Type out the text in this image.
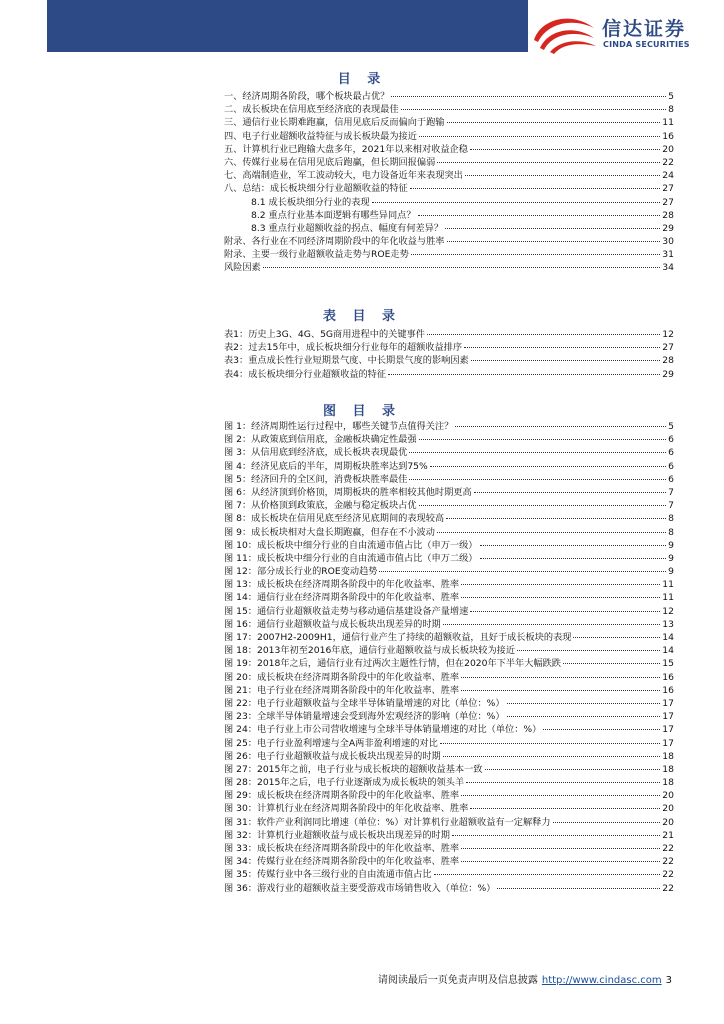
信达证券
CINDA SECURITIES
目 录
一、经济周期各阶段，哪个板块最占优？	5
二、成长板块在信用底至经济底的表现最佳	8
三、通信行业长期难跑赢，信用见底后反而偏向于跑输	11
四、电子行业超额收益特征与成长板块最为接近	16
五、计算机行业已跑输大盘多年，2021年以来相对收益企稳	20
六、传媒行业易在信用见底后跑赢，但长期回报偏弱	22
七、高端制造业，军工波动较大，电力设备近年来表现突出	24
八、总结：成长板块细分行业超额收益的特征	27
8.1 成长板块细分行业的表现	27
8.2 重点行业基本面逻辑有哪些异同点？	28
8.3 重点行业超额收益的拐点、幅度有何差异？	29
附录、各行业在不同经济周期阶段中的年化收益与胜率	30
附录、主要一级行业超额收益走势与ROE走势	31
风险因素	34
表 目 录
表1：历史上3G、4G、5G商用进程中的关键事件	12
表2：过去15年中，成长板块细分行业每年的超额收益排序	27
表3：重点成长性行业短期景气度、中长期景气度的影响因素	28
表4：成长板块细分行业超额收益的特征	29
图 目 录
图 1：经济周期性运行过程中，哪些关键节点值得关注？	5
图 2：从政策底到信用底，金融板块确定性最强	6
图 3：从信用底到经济底，成长板块表现最优	6
图 4：经济见底后的半年，周期板块胜率达到75%	6
图 5：经济回升的全区间，消费板块胜率最佳	6
图 6：从经济顶到价格顶，周期板块的胜率相较其他时期更高	7
图 7：从价格顶到政策底，金融与稳定板块占优	7
图 8：成长板块在信用见底至经济见底期间的表现较高	8
图 9：成长板块相对大盘长期跑赢，但存在不小波动	8
图 10：成长板块中细分行业的自由流通市值占比（申万一级）	9
图 11：成长板块中细分行业的自由流通市值占比（申万二级）	9
图 12：部分成长行业的ROE变动趋势	9
图 13：成长板块在经济周期各阶段中的年化收益率、胜率	11
图 14：通信行业在经济周期各阶段中的年化收益率、胜率	11
图 15：通信行业超额收益走势与移动通信基建设备产量增速	12
图 16：通信行业超额收益与成长板块出现差异的时期	13
图 17：2007H2-2009H1，通信行业产生了持续的超额收益，且好于成长板块的表现	14
图 18：2013年初至2016年底，通信行业超额收益与成长板块较为接近	14
图 19：2018年之后，通信行业有过两次主题性行情，但在2020年下半年大幅跌跌	15
图 20：成长板块在经济周期各阶段中的年化收益率、胜率	16
图 21：电子行业在经济周期各阶段中的年化收益率、胜率	16
图 22：电子行业超额收益与全球半导体销量增速的对比（单位：%）	17
图 23：全球半导体销量增速会受到海外宏观经济的影响（单位：%）	17
图 24：电子行业上市公司营收增速与全球半导体销量增速的对比（单位：%）	17
图 25：电子行业盈利增速与全A两非盈利增速的对比	17
图 26：电子行业超额收益与成长板块出现差异的时期	18
图 27：2015年之前，电子行业与成长板块的超额收益基本一致	18
图 28：2015年之后，电子行业逐渐成为成长板块的领头羊	18
图 29：成长板块在经济周期各阶段中的年化收益率、胜率	20
图 30：计算机行业在经济周期各阶段中的年化收益率、胜率	20
图 31：软件产业利润同比增速（单位：%）对计算机行业超额收益有一定解释力	20
图 32：计算机行业超额收益与成长板块出现差异的时期	21
图 33：成长板块在经济周期各阶段中的年化收益率、胜率	22
图 34：传媒行业在经济周期各阶段中的年化收益率、胜率	22
图 35：传媒行业中各三级行业的自由流通市值占比	22
图 36：游戏行业的超额收益主要受游戏市场销售收入（单位：%）	22
请阅读最后一页免责声明及信息披露 http://www.cindasc.com 3
